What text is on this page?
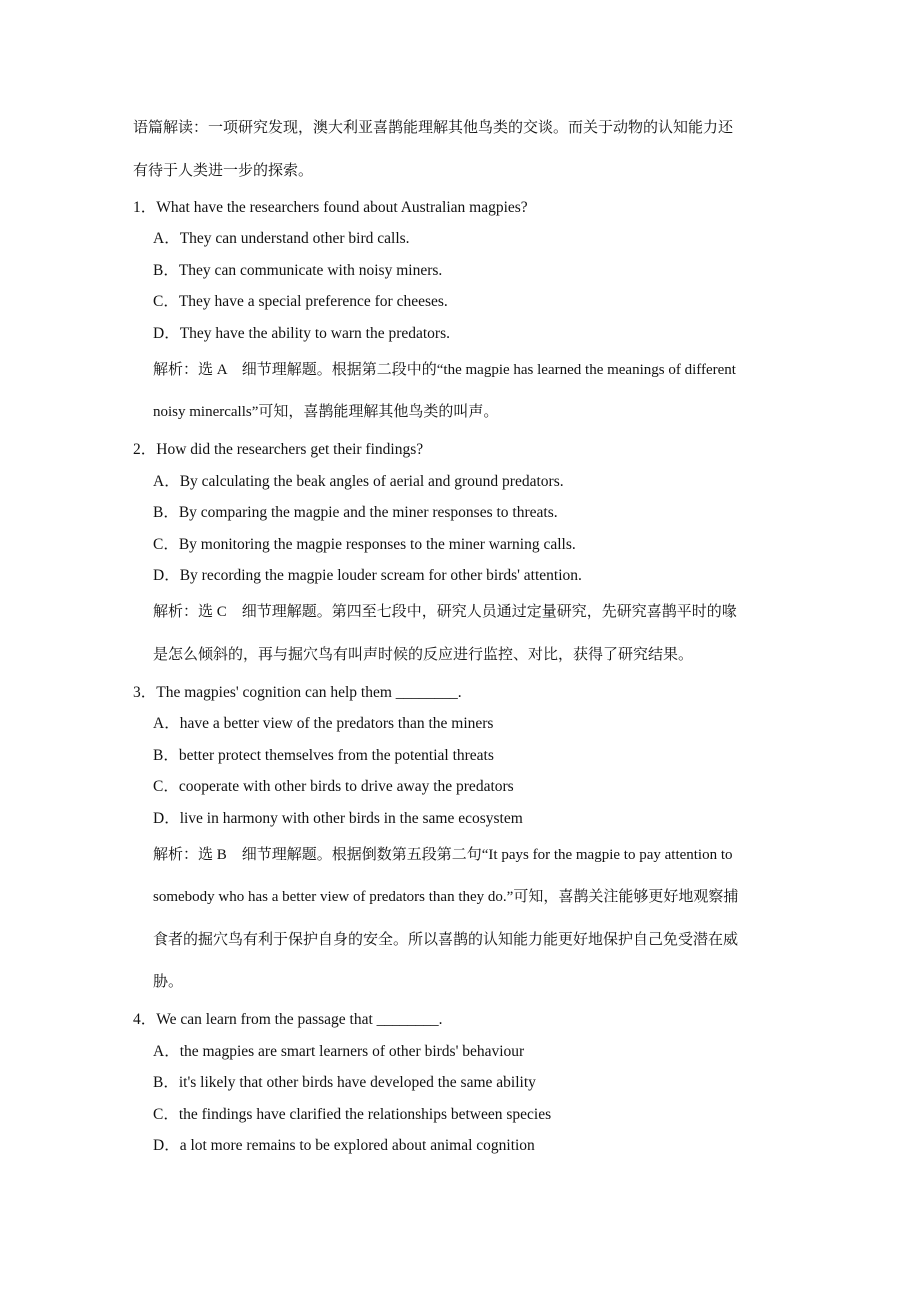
语篇解读：一项研究发现，澳大利亚喜鹊能理解其他鸟类的交谈。而关于动物的认知能力还
有待于人类进一步的探索。
1．What have the researchers found about Australian magpies?
A．They can understand other bird calls.
B．They can communicate with noisy miners.
C．They have a special preference for cheeses.
D．They have the ability to warn the predators.
解析：选 A　细节理解题。根据第二段中的“the magpie has learned the meanings of different
noisy minercalls”可知，喜鹊能理解其他鸟类的叫声。
2．How did the researchers get their findings?
A．By calculating the beak angles of aerial and ground predators.
B．By comparing the magpie and the miner responses to threats.
C．By monitoring the magpie responses to the miner warning calls.
D．By recording the magpie louder scream for other birds' attention.
解析：选 C　细节理解题。第四至七段中，研究人员通过定量研究，先研究喜鹊平时的喙
是怎么倾斜的，再与掘穴鸟有叫声时候的反应进行监控、对比，获得了研究结果。
3．The magpies' cognition can help them ________.
A．have a better view of the predators than the miners
B．better protect themselves from the potential threats
C．cooperate with other birds to drive away the predators
D．live in harmony with other birds in the same ecosystem
解析：选 B　细节理解题。根据倒数第五段第二句“It pays for the magpie to pay attention to
somebody who has a better view of predators than they do.”可知，喜鹊关注能够更好地观察捕
食者的掘穴鸟有利于保护自身的安全。所以喜鹊的认知能力能更好地保护自己免受潜在威
胁。
4．We can learn from the passage that ________.
A．the magpies are smart learners of other birds' behaviour
B．it's likely that other birds have developed the same ability
C．the findings have clarified the relationships between species
D．a lot more remains to be explored about animal cognition
